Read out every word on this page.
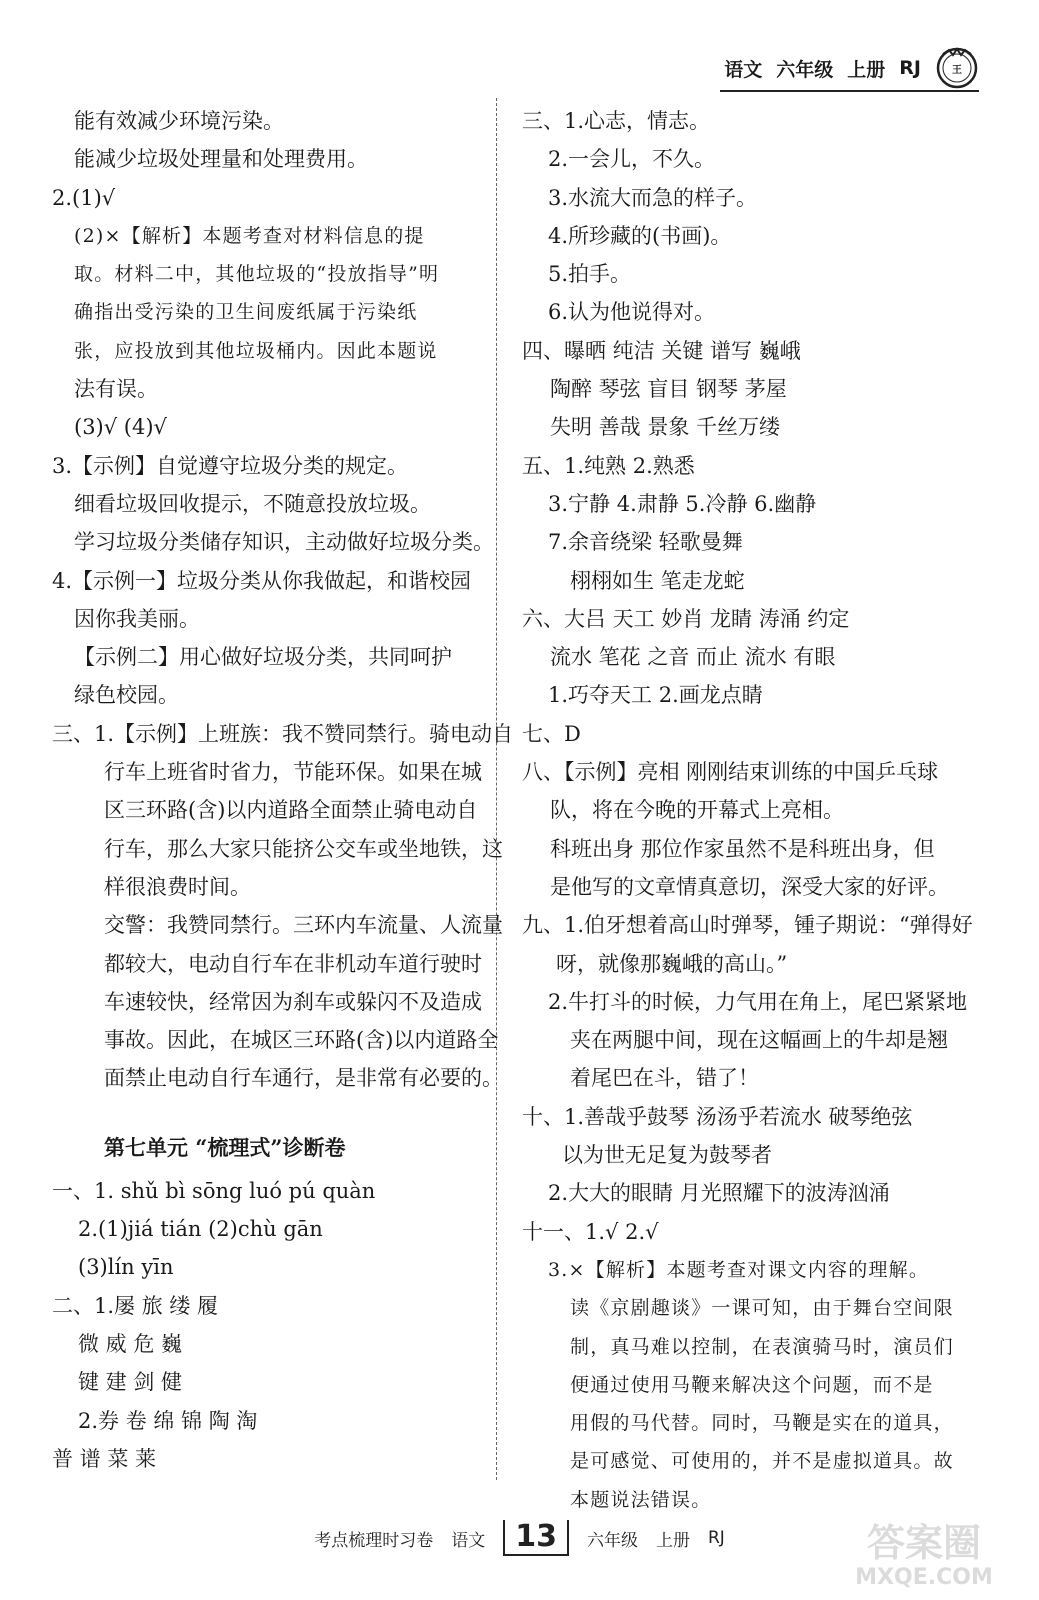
语文 六年级 上册 RJ	王
能有效减少环境污染。
能减少垃圾处理量和处理费用。
2.(1)√
(2)×【解析】本题考查对材料信息的提
取。材料二中，其他垃圾的“投放指导”明
确指出受污染的卫生间废纸属于污染纸
张，应投放到其他垃圾桶内。因此本题说
法有误。
(3)√ (4)√
3.【示例】自觉遵守垃圾分类的规定。
细看垃圾回收提示，不随意投放垃圾。
学习垃圾分类储存知识，主动做好垃圾分类。
4.【示例一】垃圾分类从你我做起，和谐校园
因你我美丽。
【示例二】用心做好垃圾分类，共同呵护
绿色校园。
三、1.【示例】上班族：我不赞同禁行。骑电动自
行车上班省时省力，节能环保。如果在城
区三环路(含)以内道路全面禁止骑电动自
行车，那么大家只能挤公交车或坐地铁，这
样很浪费时间。
交警：我赞同禁行。三环内车流量、人流量
都较大，电动自行车在非机动车道行驶时
车速较快，经常因为刹车或躲闪不及造成
事故。因此，在城区三环路(含)以内道路全
面禁止电动自行车通行，是非常有必要的。
第七单元 “梳理式”诊断卷
一、1. shǔ bì sōng luó pú quàn
2.(1)jiá tián (2)chù gān
(3)lín yīn
二、1.屡 旅 缕 履
微 威 危 巍
键 建 剑 健
2.券 卷 绵 锦 陶 淘
普 谱 菜 莱
三、1.心志，情志。
2.一会儿，不久。
3.水流大而急的样子。
4.所珍藏的(书画)。
5.拍手。
6.认为他说得对。
四、曝晒 纯洁 关键 谱写 巍峨
陶醉 琴弦 盲目 钢琴 茅屋
失明 善哉 景象 千丝万缕
五、1.纯熟 2.熟悉
3.宁静 4.肃静 5.冷静 6.幽静
7.余音绕梁 轻歌曼舞
栩栩如生 笔走龙蛇
六、大吕 天工 妙肖 龙睛 涛涌 约定
流水 笔花 之音 而止 流水 有眼
1.巧夺天工 2.画龙点睛
七、D
八、【示例】亮相 刚刚结束训练的中国乒乓球
队，将在今晚的开幕式上亮相。
科班出身 那位作家虽然不是科班出身，但
是他写的文章情真意切，深受大家的好评。
九、1.伯牙想着高山时弹琴，锺子期说：“弹得好
呀，就像那巍峨的高山。”
2.牛打斗的时候，力气用在角上，尾巴紧紧地
夹在两腿中间，现在这幅画上的牛却是翘
着尾巴在斗，错了！
十、1.善哉乎鼓琴 汤汤乎若流水 破琴绝弦
以为世无足复为鼓琴者
2.大大的眼睛 月光照耀下的波涛汹涌
十一、1.√ 2.√
3.×【解析】本题考查对课文内容的理解。
读《京剧趣谈》一课可知，由于舞台空间限
制，真马难以控制，在表演骑马时，演员们
便通过使用马鞭来解决这个问题，而不是
用假的马代替。同时，马鞭是实在的道具，
是可感觉、可使用的，并不是虚拟道具。故
本题说法错误。
考点梳理时习卷 语文	13	六年级 上册 RJ	答案圈
MXQE.COM
